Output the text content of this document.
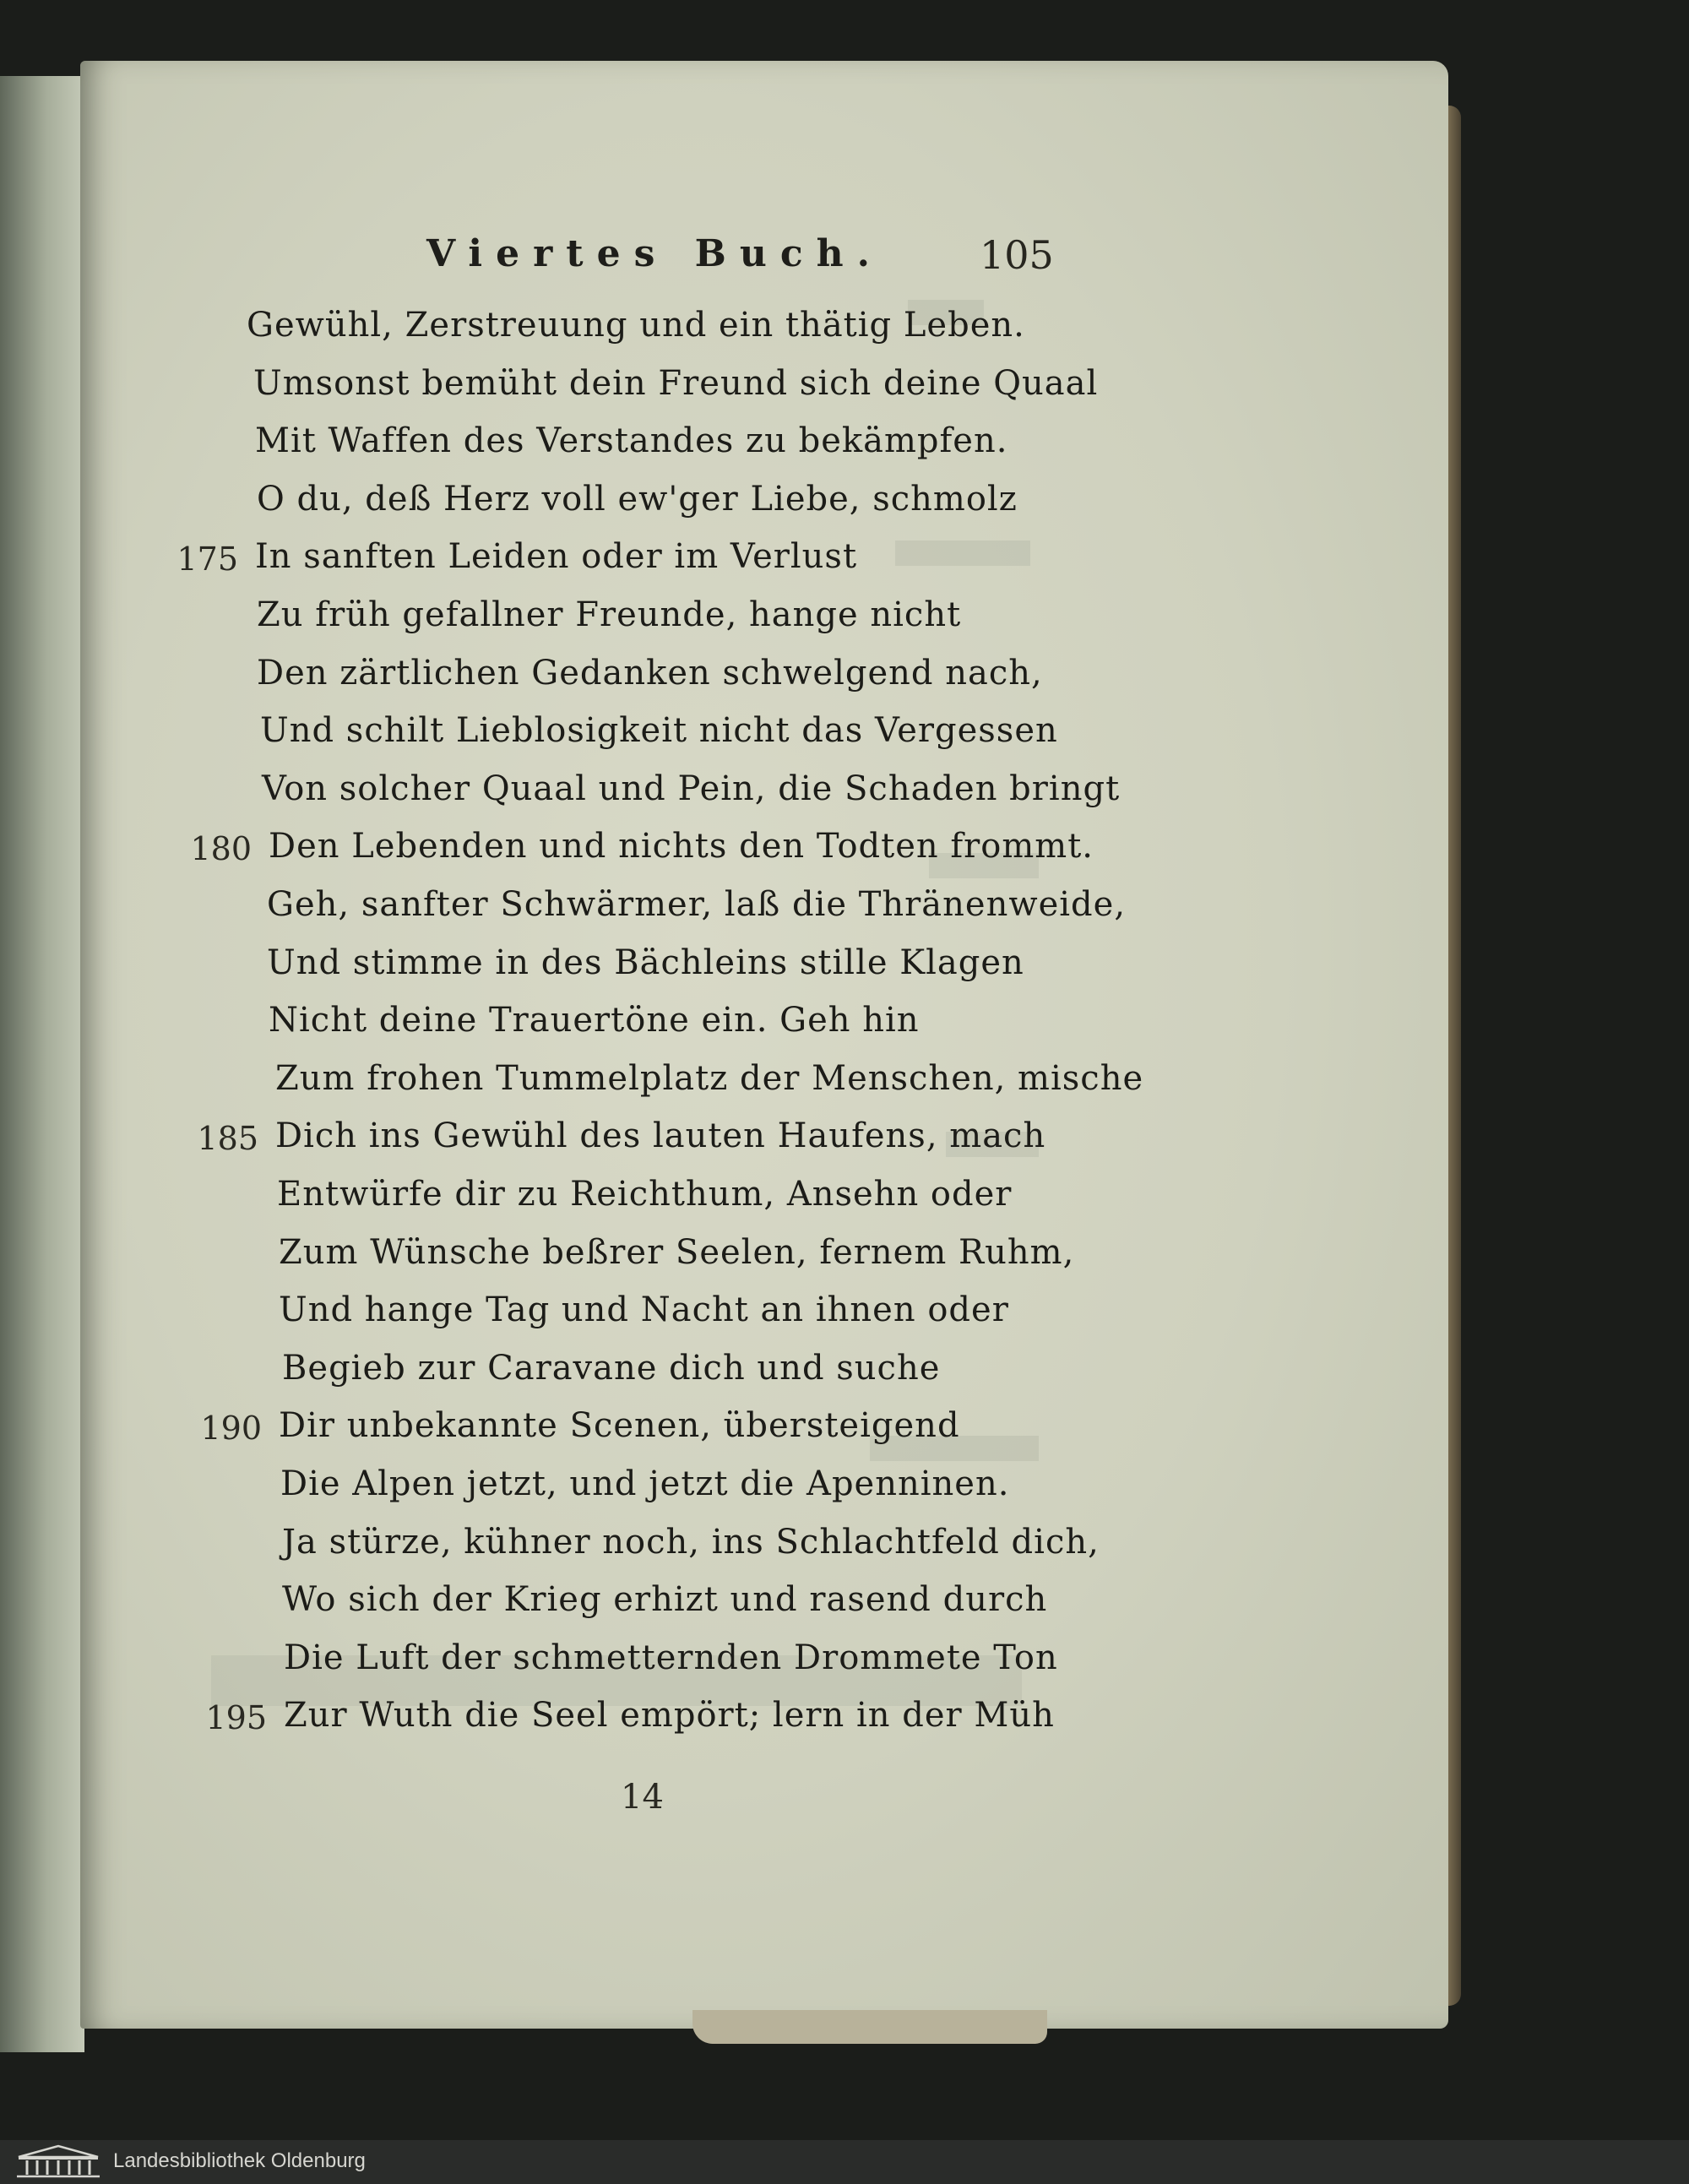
Viertes Buch. 105
Gewühl, Zerstreuung und ein thätig Leben.
Umsonst bemüht dein Freund sich deine Quaal
Mit Waffen des Verstandes zu bekämpfen.
O du, deß Herz voll ew'ger Liebe, schmolz
175 In sanften Leiden oder im Verlust
Zu früh gefallner Freunde, hange nicht
Den zärtlichen Gedanken schwelgend nach,
Und schilt Lieblosigkeit nicht das Vergessen
Von solcher Quaal und Pein, die Schaden bringt
180 Den Lebenden und nichts den Todten frommt.
Geh, sanfter Schwärmer, laß die Thränenweide,
Und stimme in des Bächleins stille Klagen
Nicht deine Trauertöne ein. Geh hin
Zum frohen Tummelplatz der Menschen, mische
185 Dich ins Gewühl des lauten Haufens, mach
Entwürfe dir zu Reichthum, Ansehn oder
Zum Wünsche beßrer Seelen, fernem Ruhm,
Und hange Tag und Nacht an ihnen oder
Begieb zur Caravane dich und suche
190 Dir unbekannte Scenen, übersteigend
Die Alpen jetzt, und jetzt die Apenninen.
Ja stürze, kühner noch, ins Schlachtfeld dich,
Wo sich der Krieg erhizt und rasend durch
Die Luft der schmetternden Drommete Ton
195 Zur Wuth die Seel empört; lern in der Müh
14
Landesbibliothek Oldenburg
